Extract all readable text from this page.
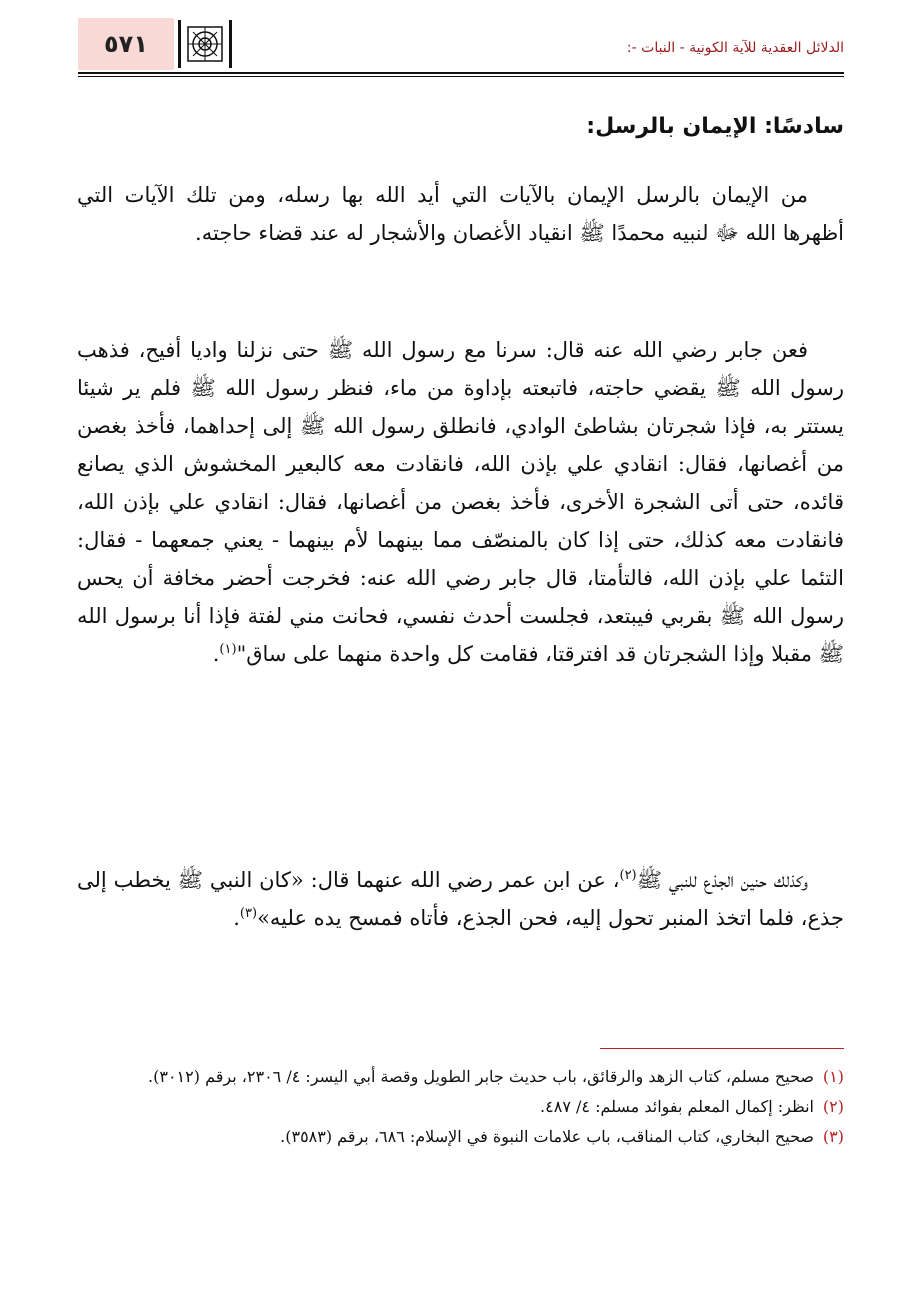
الدلائل العقدية للآية الكونية - النبات -:
٥٧١
سادسًا: الإيمان بالرسل:

من الإيمان بالرسل الإيمان بالآيات التي أيد الله بها رسله، ومن تلك الآيات التي أظهرها الله ﷻ لنبيه محمدًا ﷺ انقياد الأغصان والأشجار له عند قضاء حاجته.

فعن جابر رضي الله عنه قال: سرنا مع رسول الله ﷺ حتى نزلنا واديا أفيح، فذهب رسول الله ﷺ يقضي حاجته، فاتبعته بإداوة من ماء، فنظر رسول الله ﷺ فلم ير شيئا يستتر به، فإذا شجرتان بشاطئ الوادي، فانطلق رسول الله ﷺ إلى إحداهما، فأخذ بغصن من أغصانها، فقال: انقادي علي بإذن الله، فانقادت معه كالبعير المخشوش الذي يصانع قائده، حتى أتى الشجرة الأخرى، فأخذ بغصن من أغصانها، فقال: انقادي علي بإذن الله، فانقادت معه كذلك، حتى إذا كان بالمنصّف مما بينهما لأم بينهما - يعني جمعهما - فقال: التئما علي بإذن الله، فالتأمتا، قال جابر رضي الله عنه: فخرجت أحضر مخافة أن يحس رسول الله ﷺ بقربي فيبتعد، فجلست أحدث نفسي، فحانت مني لفتة فإذا أنا برسول الله ﷺ مقبلا وإذا الشجرتان قد افترقتا، فقامت كل واحدة منهما على ساق"$^{(١)}$.

وكذلك حنين الجذع للنبي ﷺ$^{(٢)}$، عن ابن عمر رضي الله عنهما قال: «كان النبي ﷺ يخطب إلى جذع، فلما اتخذ المنبر تحول إليه، فحن الجذع، فأتاه فمسح يده عليه»$^{(٣)}$.

(١)
صحيح مسلم، كتاب الزهد والرقائق، باب حديث جابر الطويل وقصة أبي اليسر: ٤/ ٢٣٠٦، برقم (٣٠١٢).

(٢)
انظر: إكمال المعلم بفوائد مسلم: ٤/ ٤٨٧.

(٣)
صحيح البخاري، كتاب المناقب، باب علامات النبوة في الإسلام: ٦٨٦، برقم (٣٥٨٣).
